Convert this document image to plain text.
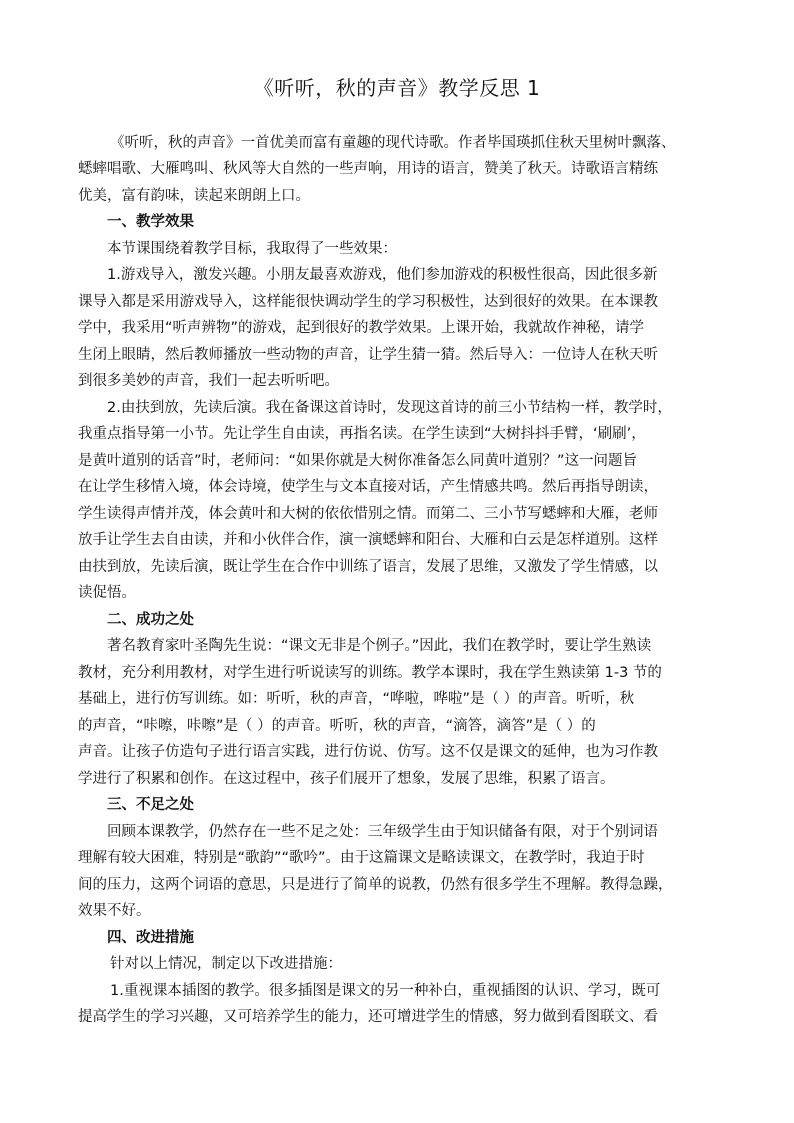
《听听，秋的声音》教学反思 1
《听听，秋的声音》一首优美而富有童趣的现代诗歌。作者毕国瑛抓住秋天里树叶飘落、
蟋蟀唱歌、大雁鸣叫、秋风等大自然的一些声响，用诗的语言，赞美了秋天。诗歌语言精练
优美，富有韵味，读起来朗朗上口。
一、教学效果
本节课围绕着教学目标，我取得了一些效果：
1.游戏导入，激发兴趣。小朋友最喜欢游戏，他们参加游戏的积极性很高，因此很多新
课导入都是采用游戏导入，这样能很快调动学生的学习积极性，达到很好的效果。在本课教
学中，我采用“听声辨物”的游戏，起到很好的教学效果。上课开始，我就故作神秘，请学
生闭上眼睛，然后教师播放一些动物的声音，让学生猜一猜。然后导入：一位诗人在秋天听
到很多美妙的声音，我们一起去听听吧。
2.由扶到放，先读后演。我在备课这首诗时，发现这首诗的前三小节结构一样，教学时，
我重点指导第一小节。先让学生自由读，再指名读。在学生读到“大树抖抖手臂，‘刷刷’，
是黄叶道别的话音”时，老师问：“如果你就是大树你准备怎么同黄叶道别？”这一问题旨
在让学生移情入境，体会诗境，使学生与文本直接对话，产生情感共鸣。然后再指导朗读，
学生读得声情并茂，体会黄叶和大树的依依惜别之情。而第二、三小节写蟋蟀和大雁，老师
放手让学生去自由读，并和小伙伴合作，演一演蟋蟀和阳台、大雁和白云是怎样道别。这样
由扶到放，先读后演，既让学生在合作中训练了语言，发展了思维，又激发了学生情感，以
读促悟。
二、成功之处
著名教育家叶圣陶先生说：“课文无非是个例子。”因此，我们在教学时，要让学生熟读
教材，充分利用教材，对学生进行听说读写的训练。教学本课时，我在学生熟读第 1-3 节的
基础上，进行仿写训练。如：听听，秋的声音，“哗啦，哗啦”是（ ）的声音。听听，秋
的声音，“咔嚓，咔嚓”是（ ）的声音。听听，秋的声音，“滴答，滴答”是（ ）的
声音。让孩子仿造句子进行语言实践，进行仿说、仿写。这不仅是课文的延伸，也为习作教
学进行了积累和创作。在这过程中，孩子们展开了想象，发展了思维，积累了语言。
三、不足之处
回顾本课教学，仍然存在一些不足之处：三年级学生由于知识储备有限，对于个别词语
理解有较大困难，特别是“歌韵”“歌吟”。由于这篇课文是略读课文，在教学时，我迫于时
间的压力，这两个词语的意思，只是进行了简单的说教，仍然有很多学生不理解。教得急躁，
效果不好。
四、改进措施
针对以上情况，制定以下改进措施：
1.重视课本插图的教学。很多插图是课文的另一种补白，重视插图的认识、学习，既可
提高学生的学习兴趣，又可培养学生的能力，还可增进学生的情感，努力做到看图联文、看
